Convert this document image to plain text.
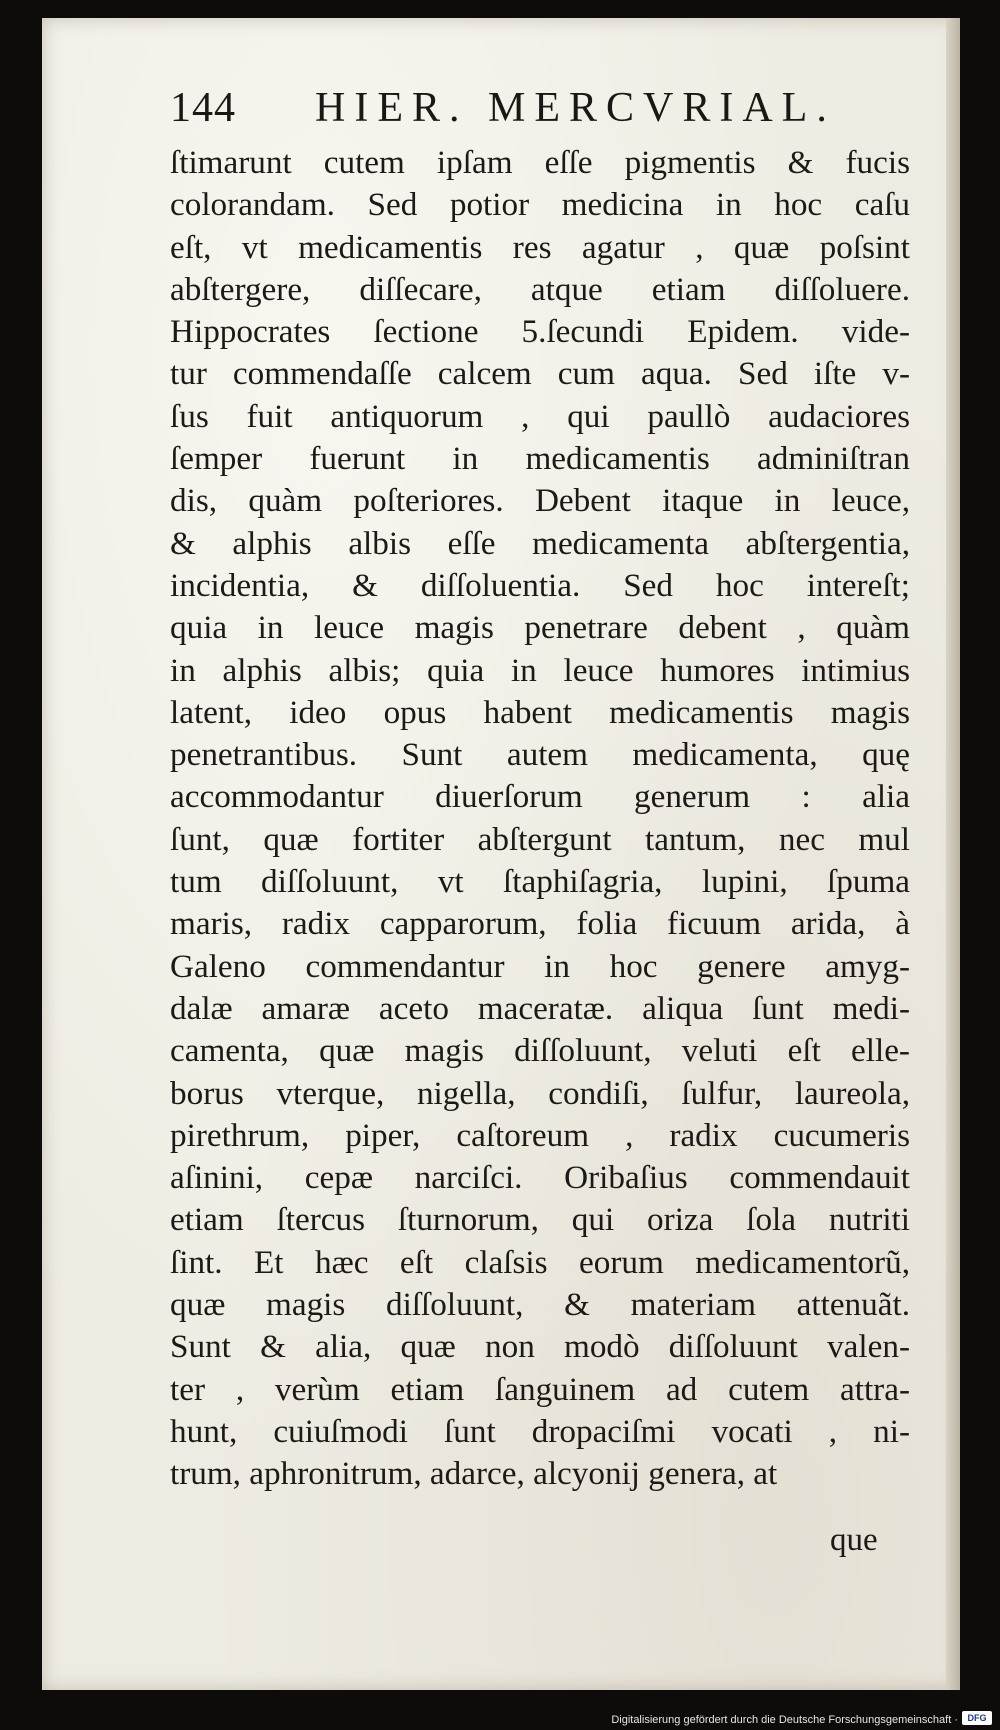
144 HIER. MERCVRIAL.
ſtimarunt cutem ipſam eſſe pigmentis & fucis
colorandam. Sed potior medicina in hoc caſu
eſt, vt medicamentis res agatur , quæ poſsint
abſtergere, diſſecare, atque etiam diſſoluere.
Hippocrates ſectione 5.ſecundi Epidem. vide-
tur commendaſſe calcem cum aqua. Sed iſte v-
ſus fuit antiquorum , qui paullò audaciores
ſemper fuerunt in medicamentis adminiſtran
dis, quàm poſteriores. Debent itaque in leuce,
& alphis albis eſſe medicamenta abſtergentia,
incidentia, & diſſoluentia. Sed hoc intereſt;
quia in leuce magis penetrare debent , quàm
in alphis albis; quia in leuce humores intimius
latent, ideo opus habent medicamentis magis
penetrantibus. Sunt autem medicamenta, quę
accommodantur diuerſorum generum : alia
ſunt, quæ fortiter abſtergunt tantum, nec mul
tum diſſoluunt, vt ſtaphiſagria, lupini, ſpuma
maris, radix capparorum, folia ficuum arida, à
Galeno commendantur in hoc genere amyg-
dalæ amaræ aceto maceratæ. aliqua ſunt medi-
camenta, quæ magis diſſoluunt, veluti eſt elle-
borus vterque, nigella, condiſi, ſulfur, laureola,
pirethrum, piper, caſtoreum , radix cucumeris
aſinini, cepæ narciſci. Oribaſius commendauit
etiam ſtercus ſturnorum, qui oriza ſola nutriti
ſint. Et hæc eſt claſsis eorum medicamentorũ,
quæ magis diſſoluunt, & materiam attenuãt.
Sunt & alia, quæ non modò diſſoluunt valen-
ter , verùm etiam ſanguinem ad cutem attra-
hunt, cuiuſmodi ſunt dropaciſmi vocati , ni-
trum, aphronitrum, adarce, alcyonij genera, at
que
Digitalisierung gefördert durch die Deutsche Forschungsgemeinschaft ·	DFG
